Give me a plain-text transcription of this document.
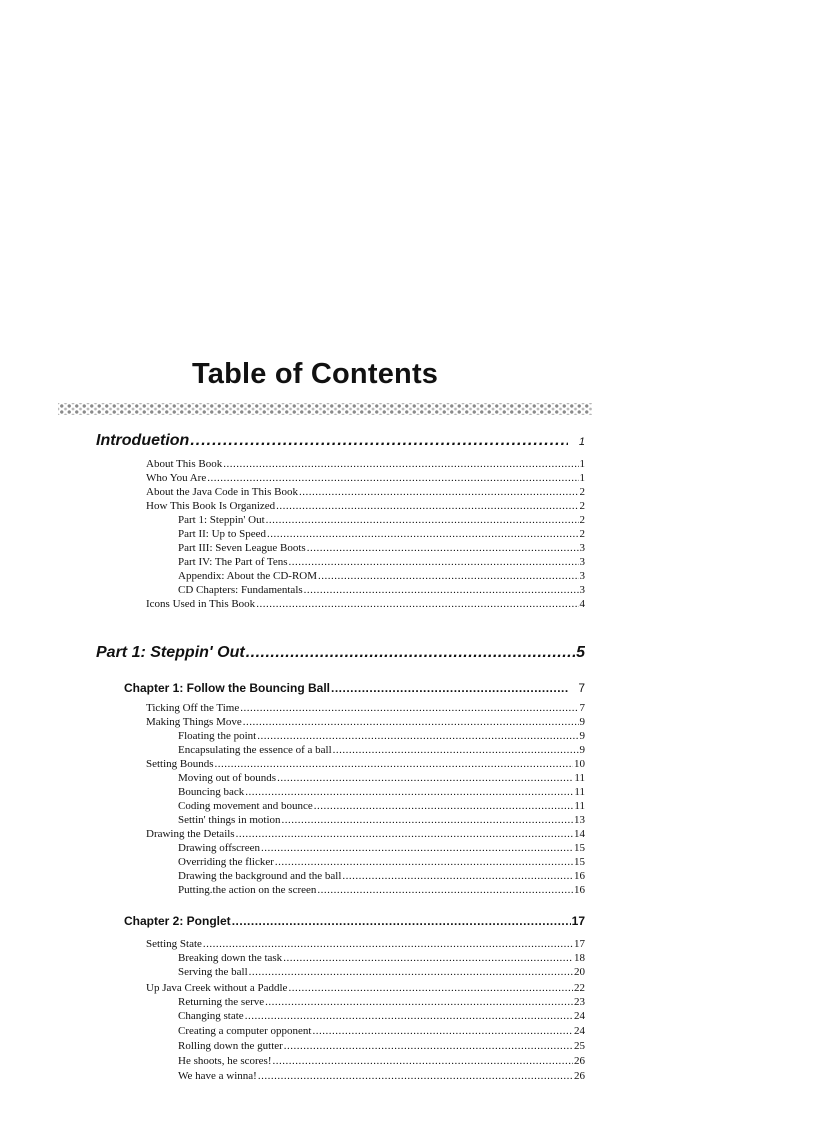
Table of Contents
Introduetion .....	1
About This Book .....	1
Who You Are .....	1
About the Java Code in This Book .....	2
How This Book Is Organized .....	2
Part 1: Steppin' Out .....	2
Part II: Up to Speed .....	2
Part III: Seven League Boots .....	3
Part IV: The Part of Tens .....	3
Appendix: About the CD-ROM .....	3
CD Chapters: Fundamentals .....	3
Icons Used in This Book .....	4
Part 1: Steppin' Out .....	5
Chapter 1: Follow the Bouncing Ball .....	7
Ticking Off the Time .....	7
Making Things Move .....	9
Floating the point .....	9
Encapsulating the essence of a ball .....	9
Setting Bounds .....	10
Moving out of bounds .....	11
Bouncing back .....	11
Coding movement and bounce .....	11
Settin' things in motion .....	13
Drawing the Details .....	14
Drawing offscreen .....	15
Overriding the flicker .....	15
Drawing the background and the ball .....	16
Putting.the action on the screen .....	16
Chapter 2: Ponglet .....	17
Setting State .....	17
Breaking down the task .....	18
Serving the ball .....	20
Up Java Creek without a Paddle .....	22
Returning the serve .....	23
Changing state .....	24
Creating a computer opponent .....	24
Rolling down the gutter .....	25
He shoots, he scores! .....	26
We have a winna! .....	26
